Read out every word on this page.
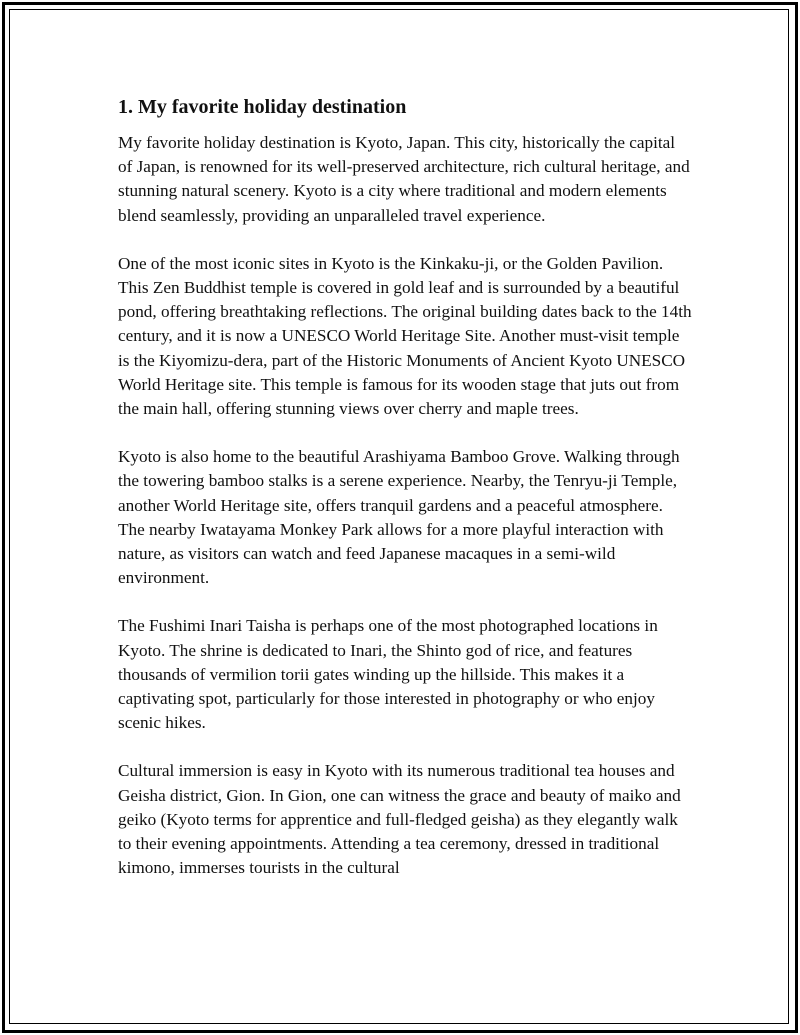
1. My favorite holiday destination

My favorite holiday destination is Kyoto, Japan. This city, historically the capital of Japan, is renowned for its well-preserved architecture, rich cultural heritage, and stunning natural scenery. Kyoto is a city where traditional and modern elements blend seamlessly, providing an unparalleled travel experience.

One of the most iconic sites in Kyoto is the Kinkaku-ji, or the Golden Pavilion. This Zen Buddhist temple is covered in gold leaf and is surrounded by a beautiful pond, offering breathtaking reflections. The original building dates back to the 14th century, and it is now a UNESCO World Heritage Site. Another must-visit temple is the Kiyomizu-dera, part of the Historic Monuments of Ancient Kyoto UNESCO World Heritage site. This temple is famous for its wooden stage that juts out from the main hall, offering stunning views over cherry and maple trees.

Kyoto is also home to the beautiful Arashiyama Bamboo Grove. Walking through the towering bamboo stalks is a serene experience. Nearby, the Tenryu-ji Temple, another World Heritage site, offers tranquil gardens and a peaceful atmosphere. The nearby Iwatayama Monkey Park allows for a more playful interaction with nature, as visitors can watch and feed Japanese macaques in a semi-wild environment.

The Fushimi Inari Taisha is perhaps one of the most photographed locations in Kyoto. The shrine is dedicated to Inari, the Shinto god of rice, and features thousands of vermilion torii gates winding up the hillside. This makes it a captivating spot, particularly for those interested in photography or who enjoy scenic hikes.

Cultural immersion is easy in Kyoto with its numerous traditional tea houses and Geisha district, Gion. In Gion, one can witness the grace and beauty of maiko and geiko (Kyoto terms for apprentice and full-fledged geisha) as they elegantly walk to their evening appointments. Attending a tea ceremony, dressed in traditional kimono, immerses tourists in the cultural
